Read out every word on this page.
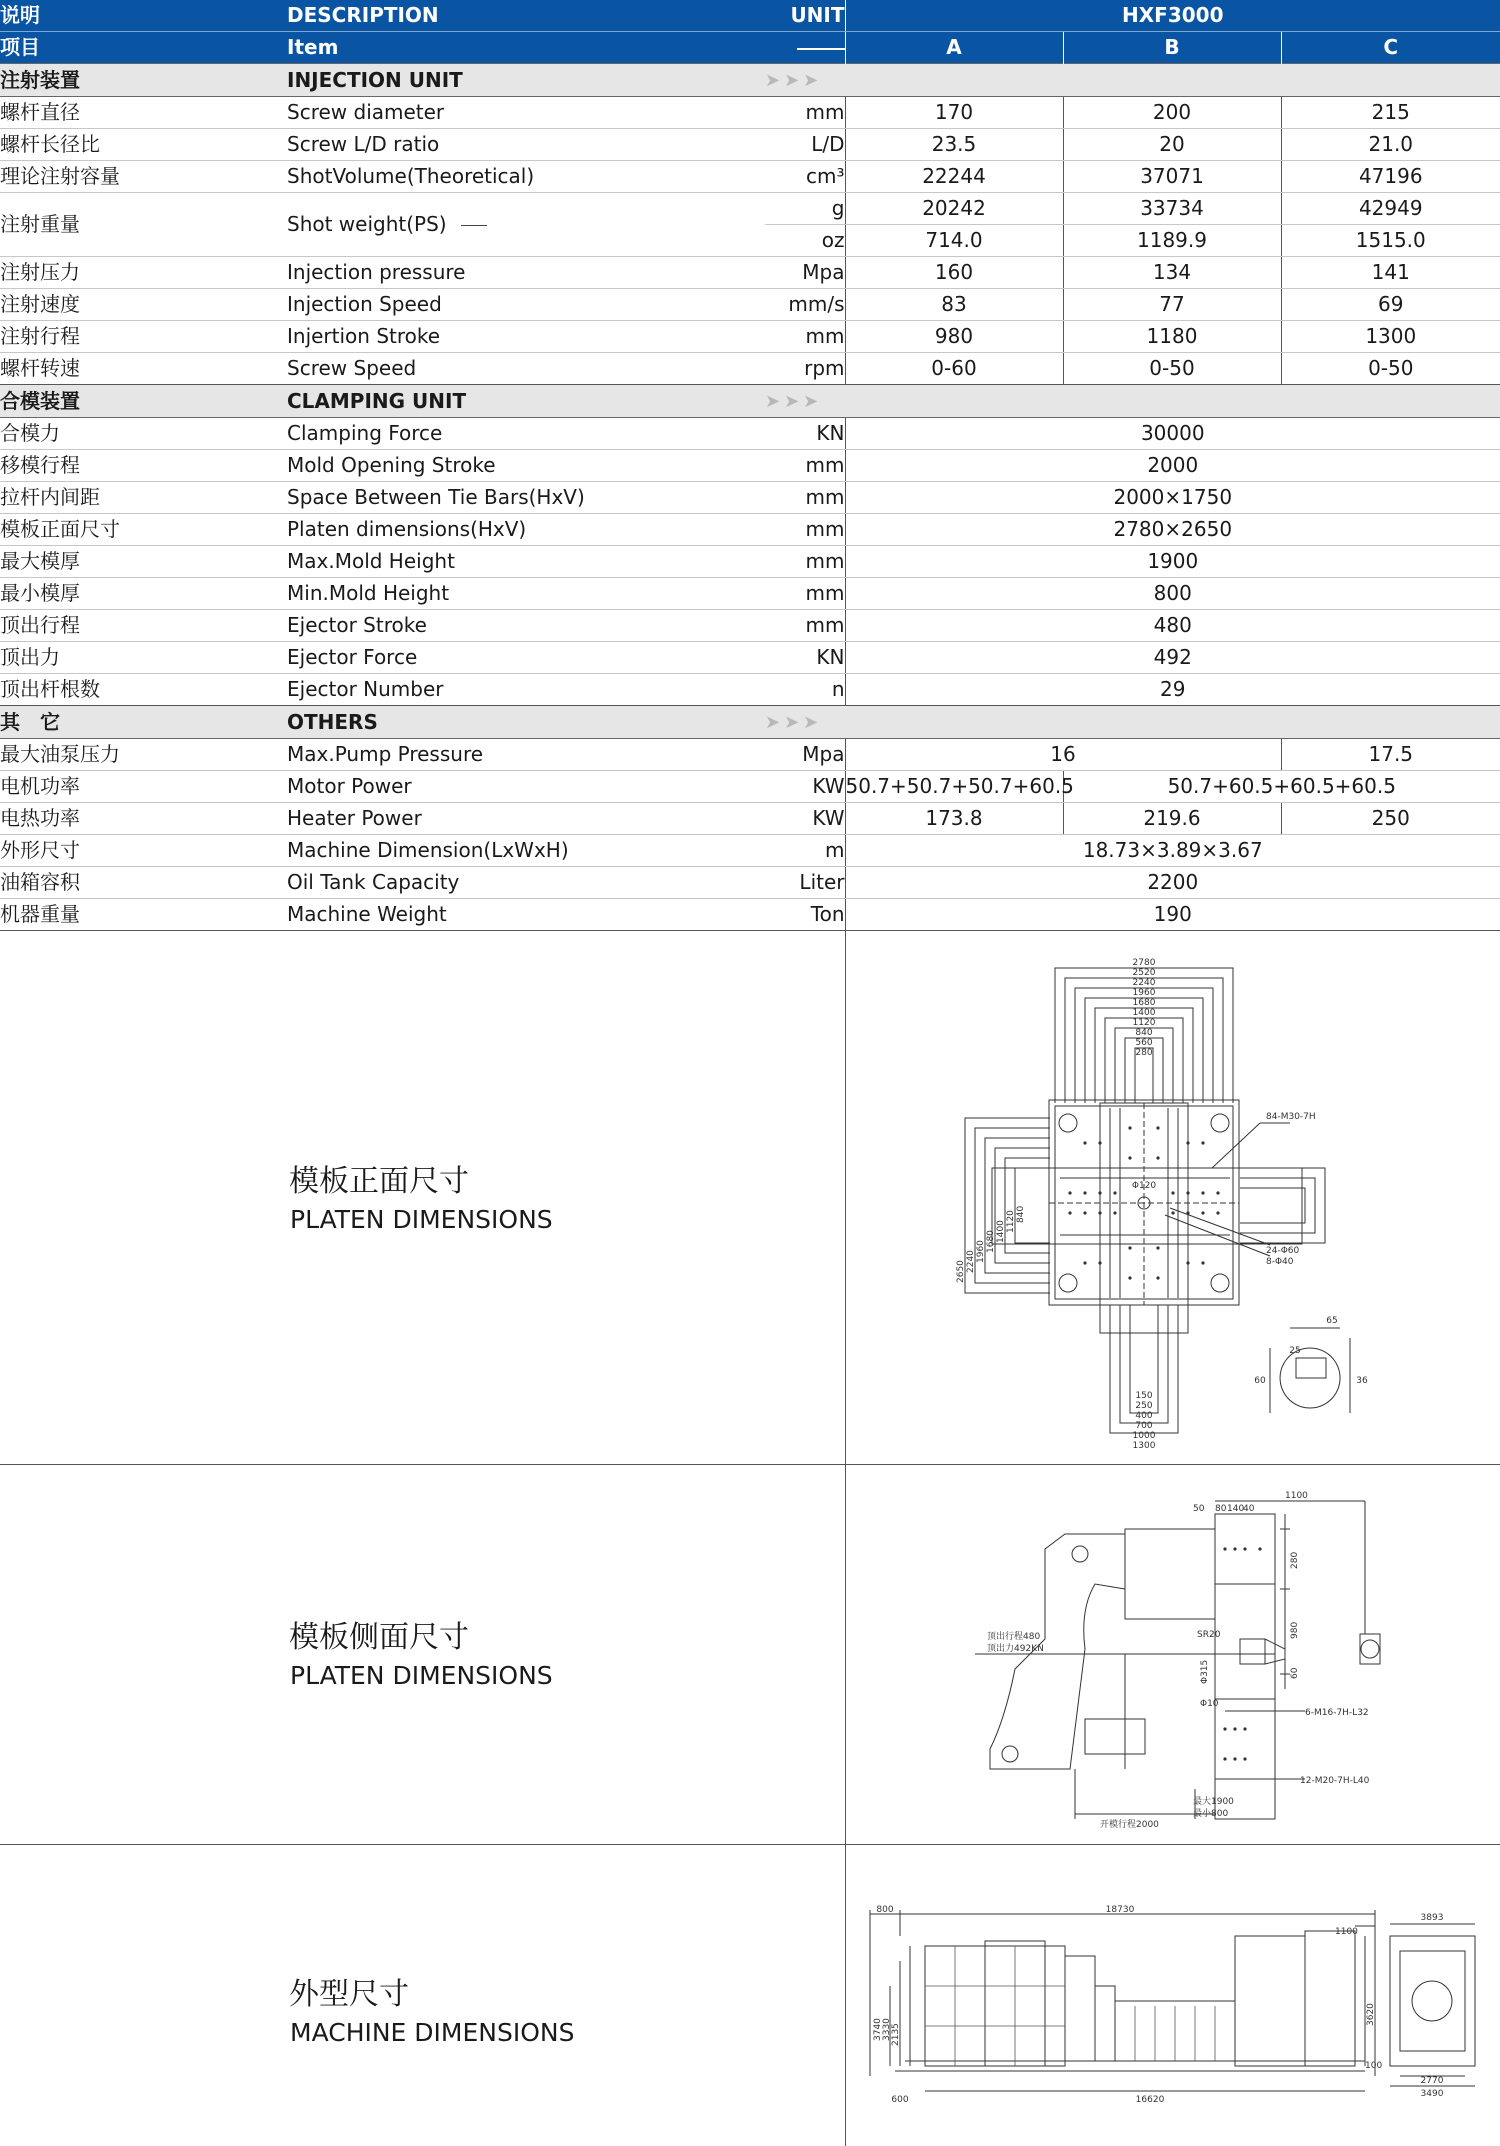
说明	DESCRIPTION	UNIT	HXF3000		
项目	Item		A	B	C
注射装置	INJECTION UNIT	➤➤➤			
螺杆直径	Screw diameter	mm	170	200	215
螺杆长径比	Screw L/D ratio	L/D	23.5	20	21.0
理论注射容量	ShotVolume(Theoretical)	cm³	22244	37071	47196
注射重量	Shot weight(PS)	g	20242	33734	42949
		oz	714.0	1189.9	1515.0
注射压力	Injection pressure	Mpa	160	134	141
注射速度	Injection Speed	mm/s	83	77	69
注射行程	Injertion Stroke	mm	980	1180	1300
螺杆转速	Screw Speed	rpm	0-60	0-50	0-50
合模装置	CLAMPING UNIT	➤➤➤			
合模力	Clamping Force	KN	30000		
移模行程	Mold Opening Stroke	mm	2000		
拉杆内间距	Space Between Tie Bars(HxV)	mm	2000×1750		
模板正面尺寸	Platen dimensions(HxV)	mm	2780×2650		
最大模厚	Max.Mold Height	mm	1900		
最小模厚	Min.Mold Height	mm	800		
顶出行程	Ejector Stroke	mm	480		
顶出力	Ejector Force	KN	492		
顶出杆根数	Ejector Number	n	29		
其　它	OTHERS	➤➤➤			
最大油泵压力	Max.Pump Pressure	Mpa	16		17.5
电机功率	Motor Power	KW	50.7+50.7+50.7+60.5	50.7+60.5+60.5+60.5	
电热功率	Heater Power	KW	173.8	219.6	250
外形尺寸	Machine Dimension(LxWxH)	m	18.73×3.89×3.67		
油箱容积	Oil Tank Capacity	Liter	2200		
机器重量	Machine Weight	Ton	190		
模板正面尺寸
PLATEN DIMENSIONS
2780
2520
2240
1960
1680
1400
1120
840
560
280
150
250
400
700
1000
1300
Φ120
25
65
60	36
84-M30-7H
24-Φ60
8-Φ40
2650 2240 1960 1680 1400 1120 840
模板侧面尺寸
PLATEN DIMENSIONS
1100
50 80 140
40
280
980
60
SR20
Φ315
Φ10
顶出行程480
顶出力492KN
6-M16-7H-L32
12-M20-7H-L40
最大1900
最小800
开模行程2000
外型尺寸
MACHINE DIMENSIONS
18730
800
1100
16620
600
3740 3330 2135
3620
100
3893
2770
3490
